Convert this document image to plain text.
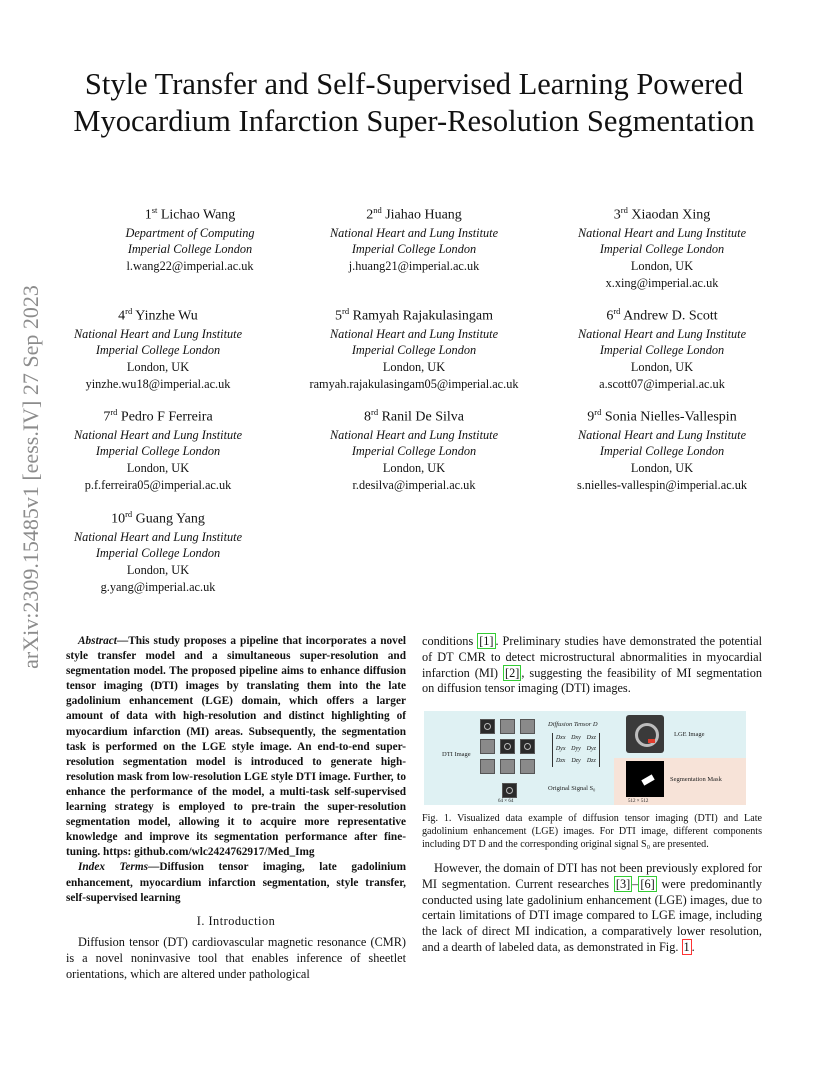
arXiv:2309.15485v1 [eess.IV] 27 Sep 2023
Style Transfer and Self-Supervised Learning Powered Myocardium Infarction Super-Resolution Segmentation
1st Lichao Wang
Department of Computing
Imperial College London
l.wang22@imperial.ac.uk
2nd Jiahao Huang
National Heart and Lung Institute
Imperial College London
j.huang21@imperial.ac.uk
3rd Xiaodan Xing
National Heart and Lung Institute
Imperial College London
London, UK
x.xing@imperial.ac.uk
4rd Yinzhe Wu
National Heart and Lung Institute
Imperial College London
London, UK
yinzhe.wu18@imperial.ac.uk
5rd Ramyah Rajakulasingam
National Heart and Lung Institute
Imperial College London
London, UK
ramyah.rajakulasingam05@imperial.ac.uk
6rd Andrew D. Scott
National Heart and Lung Institute
Imperial College London
London, UK
a.scott07@imperial.ac.uk
7rd Pedro F Ferreira
National Heart and Lung Institute
Imperial College London
London, UK
p.f.ferreira05@imperial.ac.uk
8rd Ranil De Silva
National Heart and Lung Institute
Imperial College London
London, UK
r.desilva@imperial.ac.uk
9rd Sonia Nielles-Vallespin
National Heart and Lung Institute
Imperial College London
London, UK
s.nielles-vallespin@imperial.ac.uk
10rd Guang Yang
National Heart and Lung Institute
Imperial College London
London, UK
g.yang@imperial.ac.uk

Abstract—This study proposes a pipeline that incorporates a novel style transfer model and a simultaneous super-resolution and segmentation model. The proposed pipeline aims to enhance diffusion tensor imaging (DTI) images by translating them into the late gadolinium enhancement (LGE) domain, which offers a larger amount of data with high-resolution and distinct highlighting of myocardium infarction (MI) areas. Subsequently, the segmentation task is performed on the LGE style image. An end-to-end super-resolution segmentation model is introduced to generate high-resolution mask from low-resolution LGE style DTI image. Further, to enhance the performance of the model, a multi-task self-supervised learning strategy is employed to pre-train the super-resolution segmentation model, allowing it to acquire more representative knowledge and improve its segmentation performance after fine-tuning. https: github.com/wlc2424762917/Med_Img

Index Terms—Diffusion tensor imaging, late gadolinium enhancement, myocardium infarction segmentation, style transfer, self-supervised learning

I. Introduction

Diffusion tensor (DT) cardiovascular magnetic resonance (CMR) is a novel noninvasive tool that enables inference of sheetlet orientations, which are altered under pathological

conditions [1] . Preliminary studies have demonstrated the potential of DT CMR to detect microstructural abnormalities in myocardial infarction (MI) [2] , suggesting the feasibility of MI segmentation on diffusion tensor imaging (DTI) images.

DTI Image
64 × 64
Diffusion Tensor D
Dxx Dxy Dxz
Dyx Dyy Dyz
Dzx Dzy	Dzz
Original Signal S₀
LGE Image
512 × 512
Segmentation Mask
Fig. 1. Visualized data example of diffusion tensor imaging (DTI) and Late gadolinium enhancement (LGE) images. For DTI image, different components including DT D and the corresponding original signal S₀ are presented.

However, the domain of DTI has not been previously explored for MI segmentation. Current researches [3] – [6] were predominantly conducted using late gadolinium enhancement (LGE) images, due to certain limitations of DTI image compared to LGE image, including the lack of direct MI indication, a comparatively lower resolution, and a dearth of labeled data, as demonstrated in Fig. 1 .
